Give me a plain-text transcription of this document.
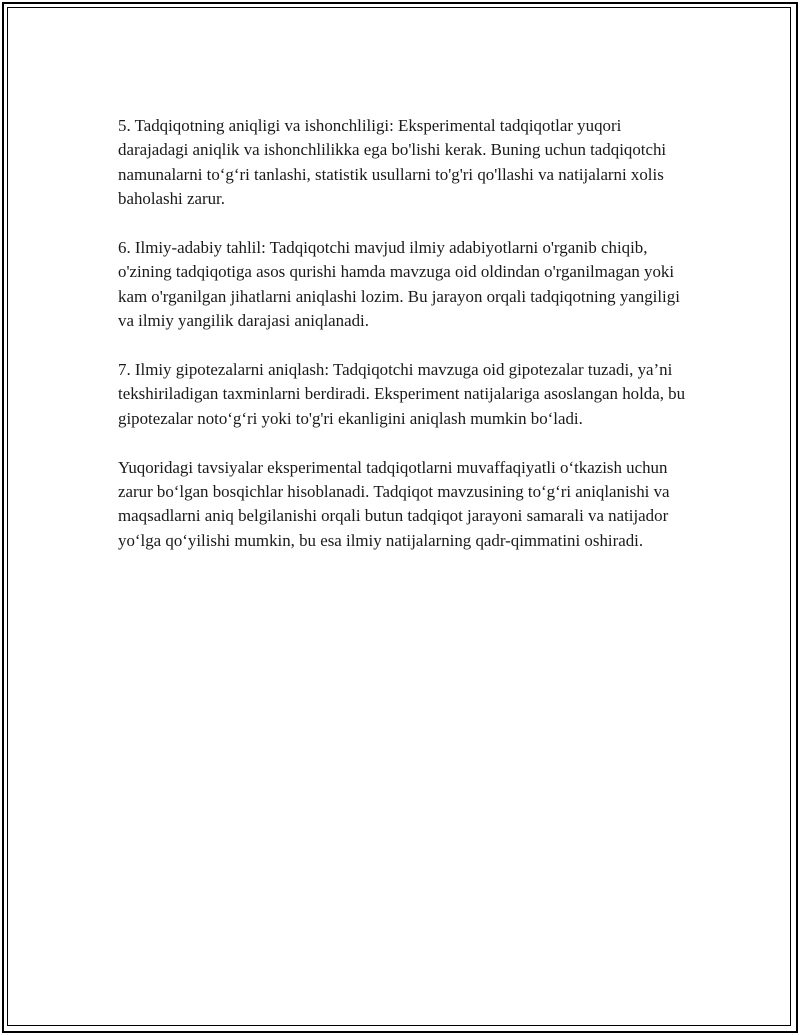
5. Tadqiqotning aniqligi va ishonchliligi: Eksperimental tadqiqotlar yuqori darajadagi aniqlik va ishonchlilikka ega bo'lishi kerak. Buning uchun tadqiqotchi namunalarni to‘g‘ri tanlashi, statistik usullarni to'g'ri qo'llashi va natijalarni xolis baholashi zarur.

6. Ilmiy-adabiy tahlil: Tadqiqotchi mavjud ilmiy adabiyotlarni o'rganib chiqib, o'zining tadqiqotiga asos qurishi hamda mavzuga oid oldindan o'rganilmagan yoki kam o'rganilgan jihatlarni aniqlashi lozim. Bu jarayon orqali tadqiqotning yangiligi va ilmiy yangilik darajasi aniqlanadi.

7. Ilmiy gipotezalarni aniqlash: Tadqiqotchi mavzuga oid gipotezalar tuzadi, ya’ni tekshiriladigan taxminlarni berdiradi. Eksperiment natijalariga asoslangan holda, bu gipotezalar noto‘g‘ri yoki to'g'ri ekanligini aniqlash mumkin bo‘ladi.

Yuqoridagi tavsiyalar eksperimental tadqiqotlarni muvaffaqiyatli o‘tkazish uchun zarur bo‘lgan bosqichlar hisoblanadi. Tadqiqot mavzusining to‘g‘ri aniqlanishi va maqsadlarni aniq belgilanishi orqali butun tadqiqot jarayoni samarali va natijador yo‘lga qo‘yilishi mumkin, bu esa ilmiy natijalarning qadr-qimmatini oshiradi.
